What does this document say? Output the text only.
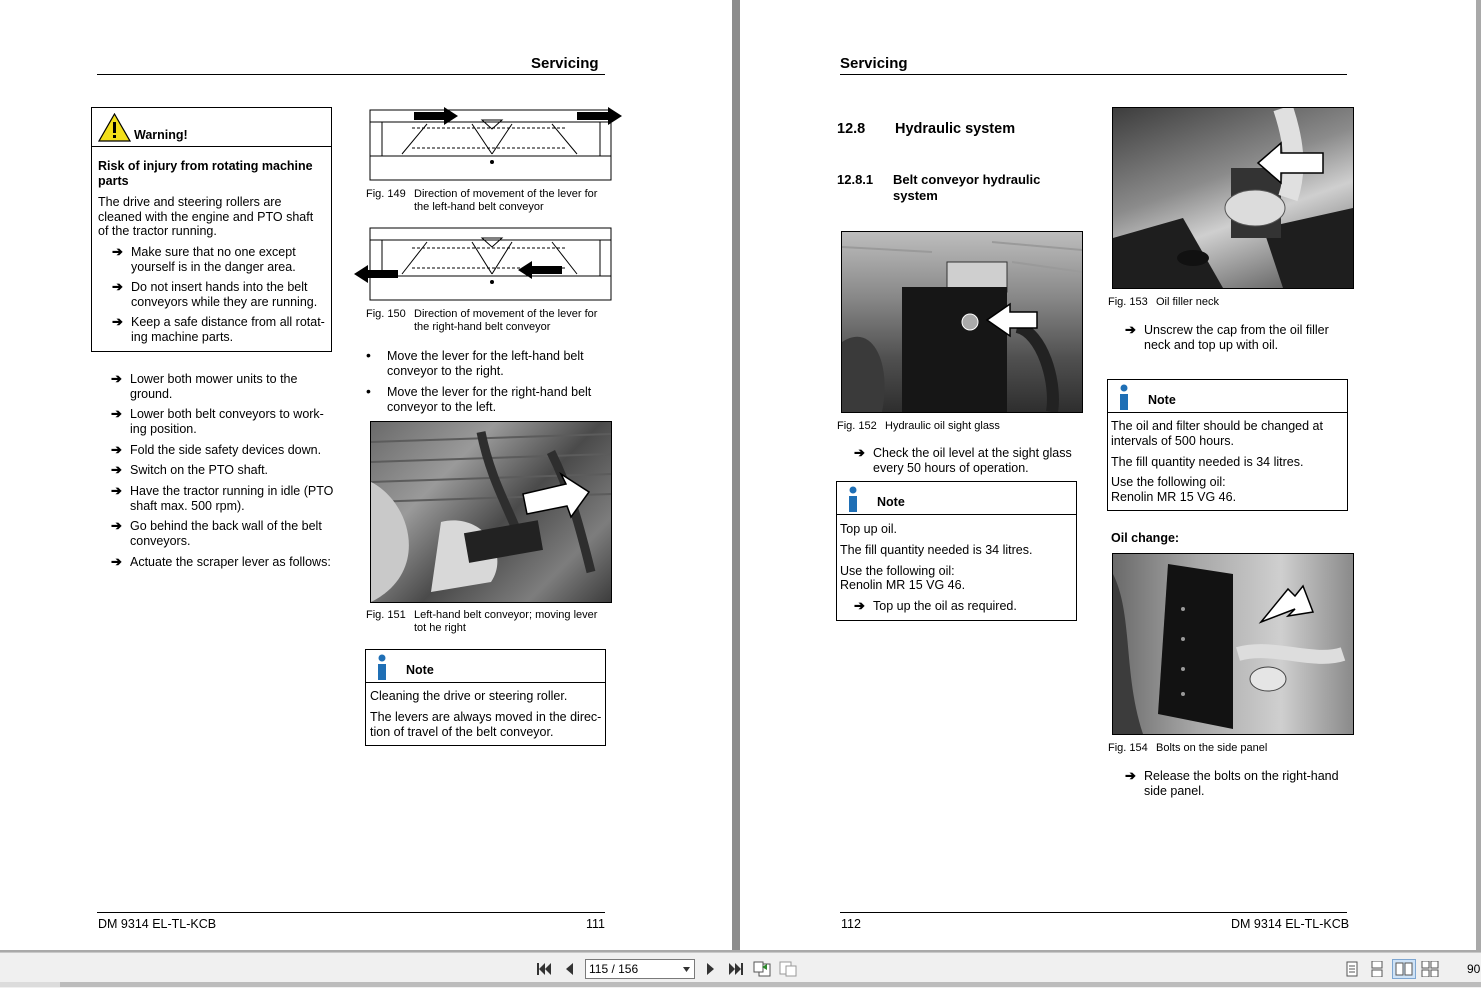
Servicing
Warning!

Risk of injury from rotating machine parts

The drive and steering rollers are cleaned with the engine and PTO shaft of the tractor running.

➔ Make sure that no one except yourself is in the danger area.
➔ Do not insert hands into the belt conveyors while they are running.
➔ Keep a safe distance from all rotat-ing machine parts.
➔ Lower both mower units to the ground.
➔ Lower both belt conveyors to work-ing position.
➔ Fold the side safety devices down.
➔ Switch on the PTO shaft.
➔ Have the tractor running in idle (PTO shaft max. 500 rpm).
➔ Go behind the back wall of the belt conveyors.
➔ Actuate the scraper lever as follows:
Fig. 149 Direction of movement of the lever for the left-hand belt conveyor
Fig. 150 Direction of movement of the lever for the right-hand belt conveyor
•	Move the lever for the left-hand belt conveyor to the right.
•	Move the lever for the right-hand belt conveyor to the left.
Fig. 151 Left-hand belt conveyor; moving lever tot he right
Note

Cleaning the drive or steering roller.

The levers are always moved in the direc-tion of travel of the belt conveyor.

DM 9314 EL-TL-KCB	111
Servicing
12.8 Hydraulic system
12.8.1 Belt conveyor hydraulic system
Fig. 152 Hydraulic oil sight glass
➔ Check the oil level at the sight glass every 50 hours of operation.
Note

Top up oil.

The fill quantity needed is 34 litres.

Use the following oil:

Renolin MR 15 VG 46.

➔ Top up the oil as required.
Fig. 153 Oil filler neck
➔ Unscrew the cap from the oil filler neck and top up with oil.
Note

The oil and filter should be changed at intervals of 500 hours.

The fill quantity needed is 34 litres.

Use the following oil:

Renolin MR 15 VG 46.

Oil change:
Fig. 154 Bolts on the side panel
➔ Release the bolts on the right-hand side panel.
112	DM 9314 EL-TL-KCB
115 / 156	90
